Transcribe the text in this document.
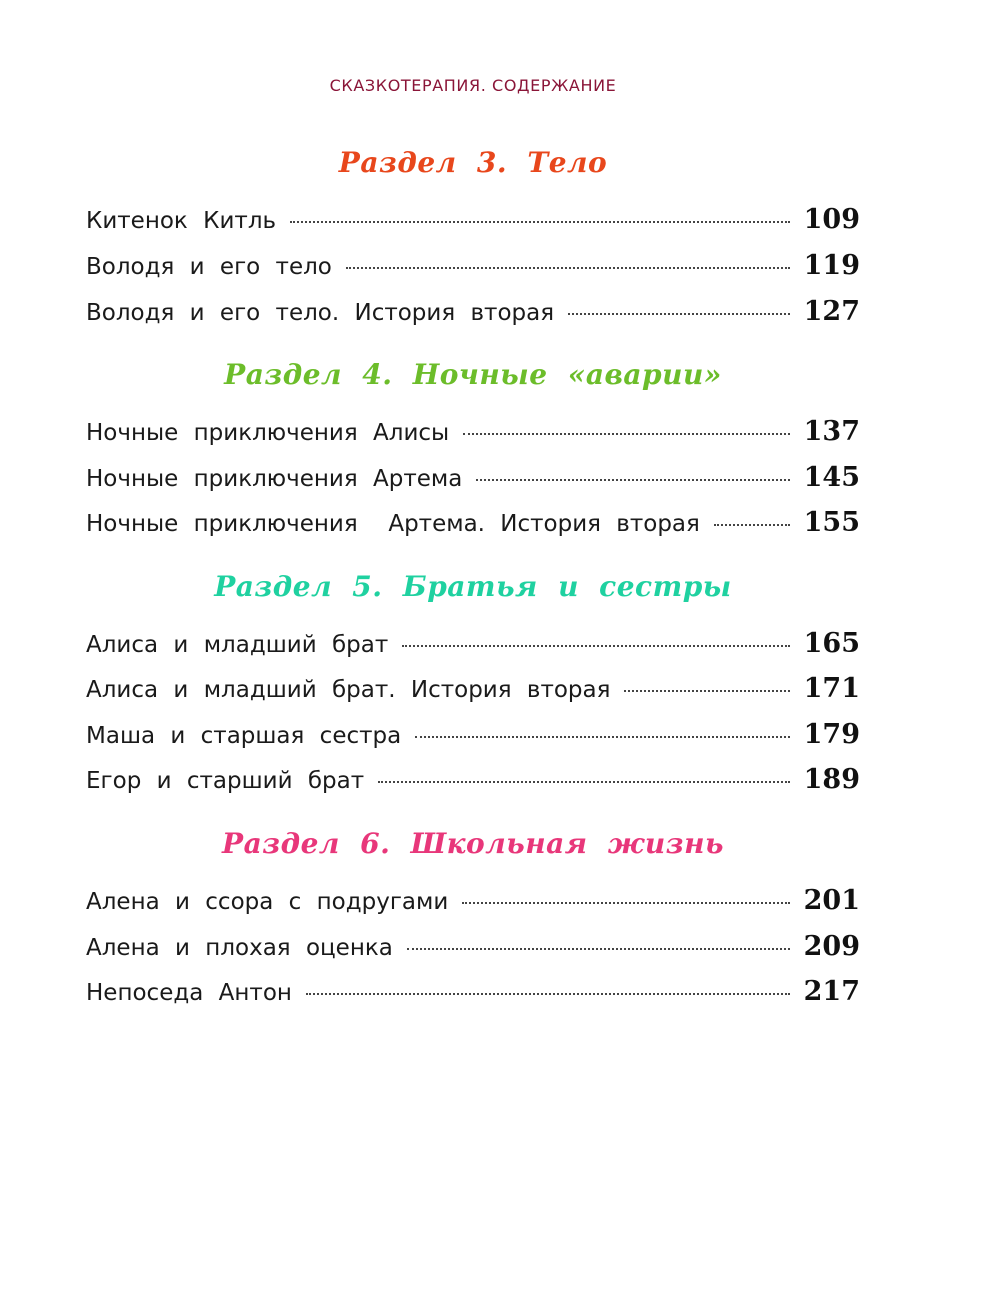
СКАЗКОТЕРАПИЯ. СОДЕРЖАНИЕ
Раздел 3. Тело
Китенок Китль	109
Володя и его тело	119
Володя и его тело. История вторая	127
Раздел 4. Ночные «аварии»
Ночные приключения Алисы	137
Ночные приключения Артема	145
Ночные приключения  Артема. История вторая	155
Раздел 5. Братья и сестры
Алиса и младший брат	165
Алиса и младший брат. История вторая	171
Маша и старшая сестра	179
Егор и старший брат	189
Раздел 6. Школьная жизнь
Алена и ссора с подругами	201
Алена и плохая оценка	209
Непоседа Антон	217
